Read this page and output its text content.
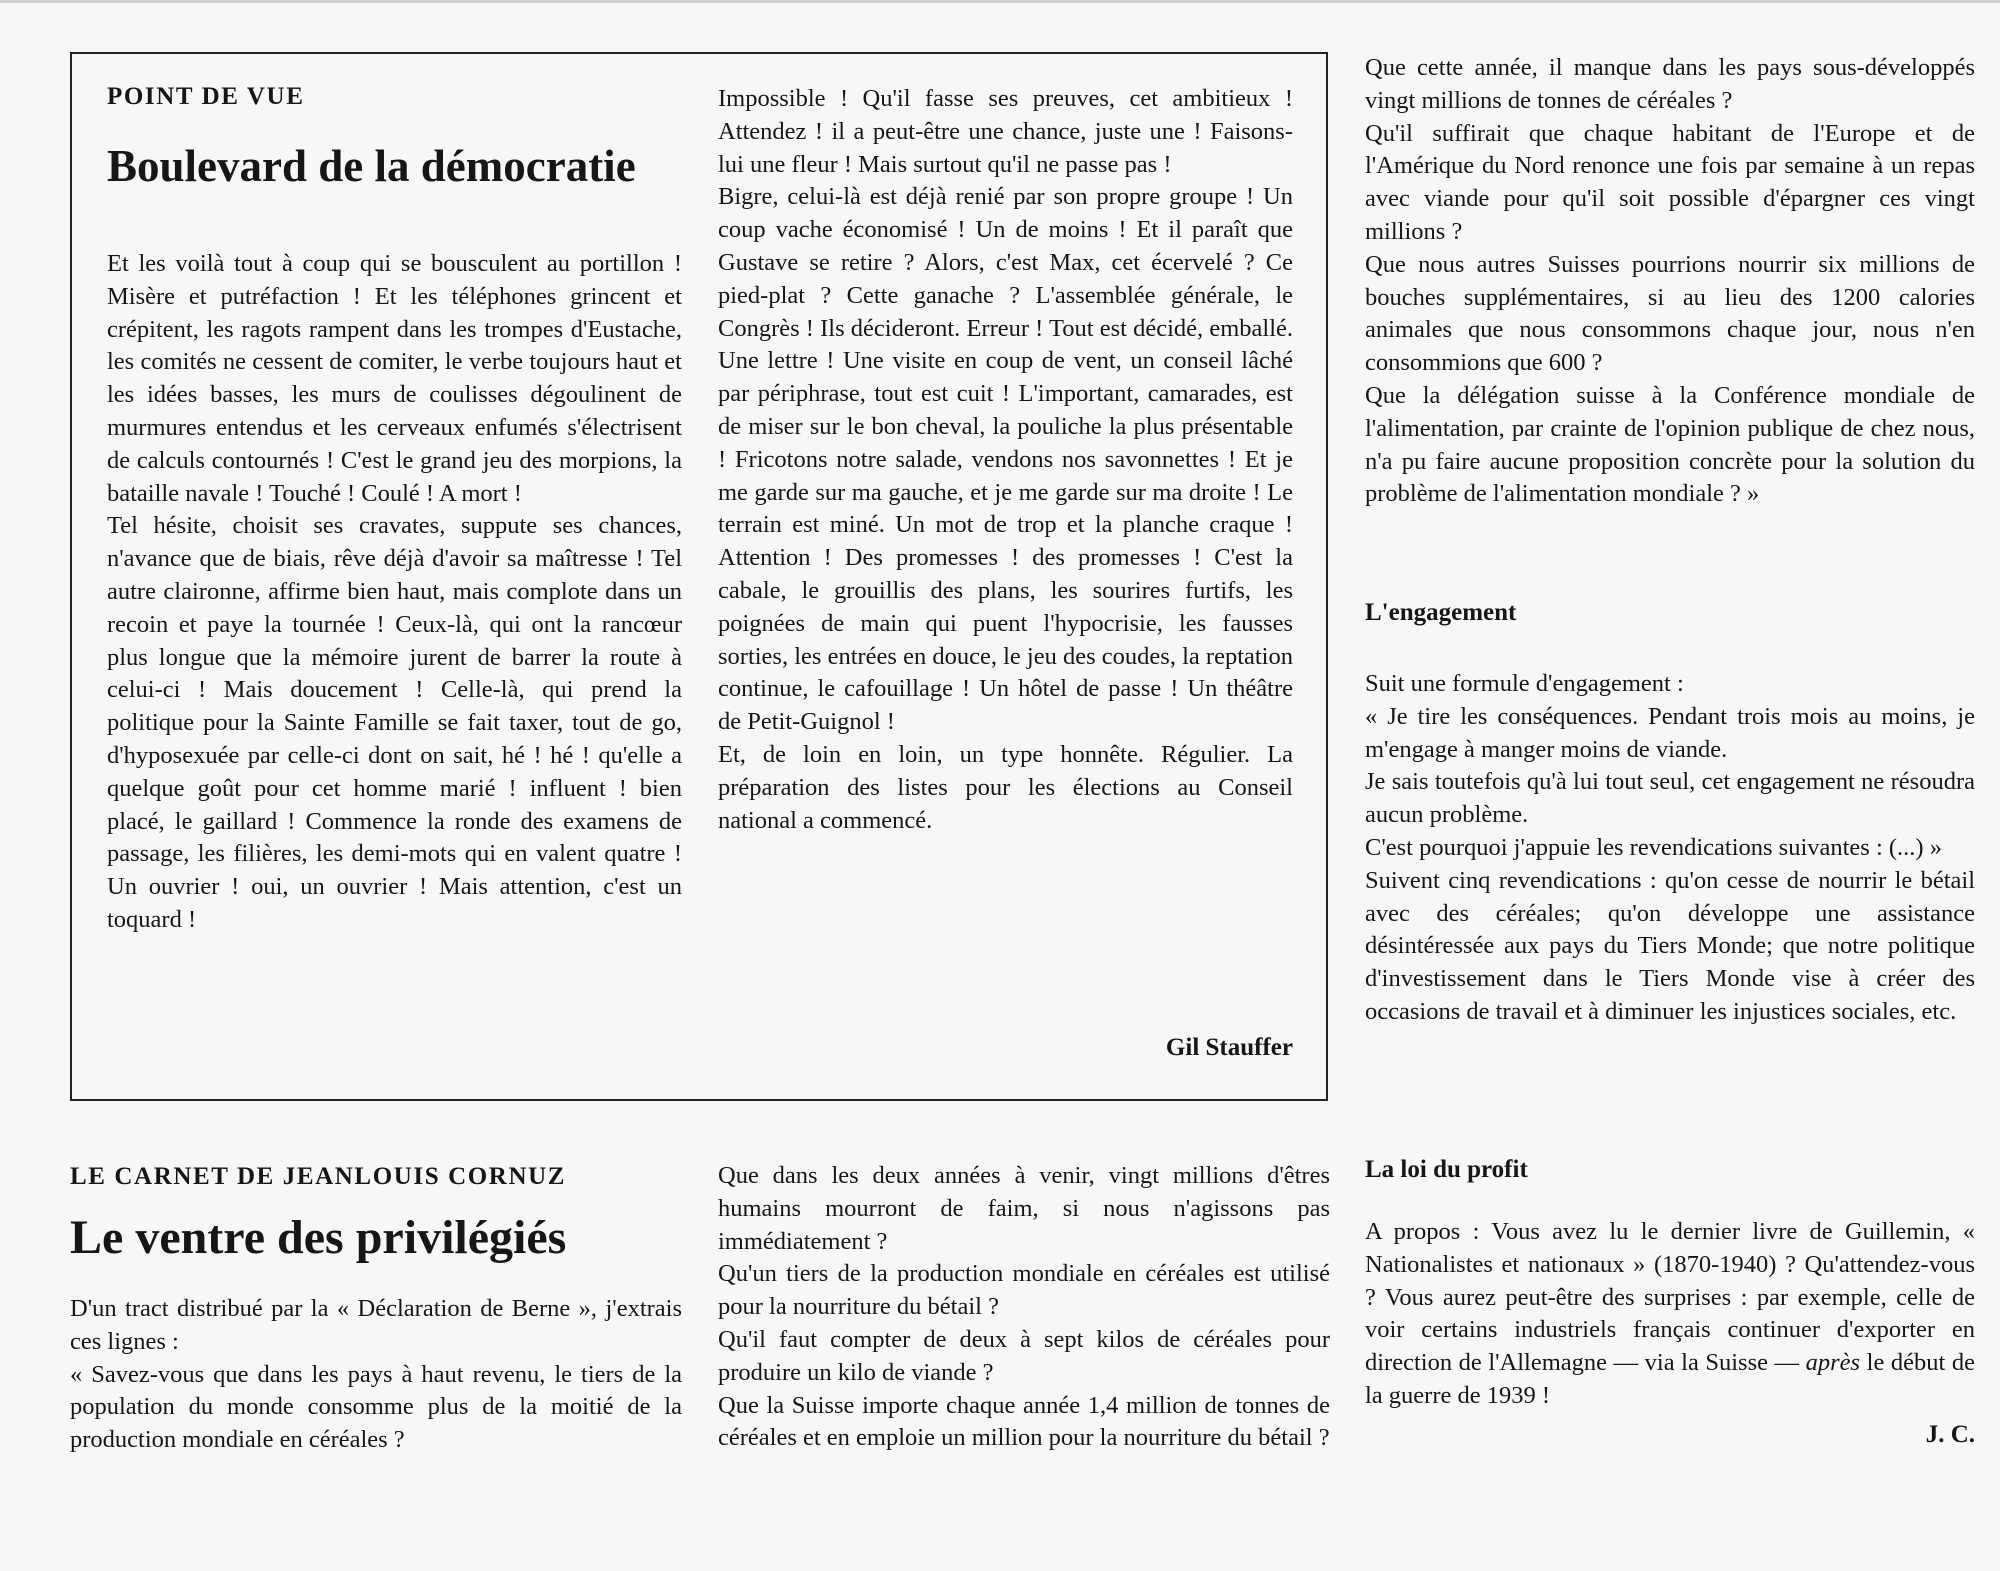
POINT DE VUE

Boulevard de la démocratie

Et les voilà tout à coup qui se bousculent au portillon ! Misère et putréfaction ! Et les téléphones grincent et crépitent, les ragots rampent dans les trompes d'Eustache, les comités ne cessent de comiter, le verbe toujours haut et les idées basses, les murs de coulisses dégoulinent de murmures entendus et les cerveaux enfumés s'électrisent de calculs contournés ! C'est le grand jeu des morpions, la bataille navale ! Touché ! Coulé ! A mort !

Tel hésite, choisit ses cravates, suppute ses chances, n'avance que de biais, rêve déjà d'avoir sa maîtresse ! Tel autre claironne, affirme bien haut, mais complote dans un recoin et paye la tournée ! Ceux-là, qui ont la rancœur plus longue que la mémoire jurent de barrer la route à celui-ci ! Mais doucement ! Celle-là, qui prend la politique pour la Sainte Famille se fait taxer, tout de go, d'hyposexuée par celle-ci dont on sait, hé ! hé ! qu'elle a quelque goût pour cet homme marié ! influent ! bien placé, le gaillard ! Commence la ronde des examens de passage, les filières, les demi-mots qui en valent quatre ! Un ouvrier ! oui, un ouvrier ! Mais attention, c'est un toquard !

Impossible ! Qu'il fasse ses preuves, cet ambitieux ! Attendez ! il a peut-être une chance, juste une ! Faisons-lui une fleur ! Mais surtout qu'il ne passe pas !

Bigre, celui-là est déjà renié par son propre groupe ! Un coup vache économisé ! Un de moins ! Et il paraît que Gustave se retire ? Alors, c'est Max, cet écervelé ? Ce pied-plat ? Cette ganache ? L'assemblée générale, le Congrès ! Ils décideront. Erreur ! Tout est décidé, emballé. Une lettre ! Une visite en coup de vent, un conseil lâché par périphrase, tout est cuit ! L'important, camarades, est de miser sur le bon cheval, la pouliche la plus présentable ! Fricotons notre salade, vendons nos savonnettes ! Et je me garde sur ma gauche, et je me garde sur ma droite ! Le terrain est miné. Un mot de trop et la planche craque ! Attention ! Des promesses ! des promesses ! C'est la cabale, le grouillis des plans, les sourires furtifs, les poignées de main qui puent l'hypocrisie, les fausses sorties, les entrées en douce, le jeu des coudes, la reptation continue, le cafouillage ! Un hôtel de passe ! Un théâtre de Petit-Guignol !

Et, de loin en loin, un type honnête. Régulier. La préparation des listes pour les élections au Conseil national a commencé.

Gil Stauffer

Que cette année, il manque dans les pays sous-développés vingt millions de tonnes de céréales ?

Qu'il suffirait que chaque habitant de l'Europe et de l'Amérique du Nord renonce une fois par semaine à un repas avec viande pour qu'il soit possible d'épargner ces vingt millions ?

Que nous autres Suisses pourrions nourrir six millions de bouches supplémentaires, si au lieu des 1200 calories animales que nous consommons chaque jour, nous n'en consommions que 600 ?

Que la délégation suisse à la Conférence mondiale de l'alimentation, par crainte de l'opinion publique de chez nous, n'a pu faire aucune proposition concrète pour la solution du problème de l'alimentation mondiale ? »

L'engagement

Suit une formule d'engagement :

« Je tire les conséquences. Pendant trois mois au moins, je m'engage à manger moins de viande.

Je sais toutefois qu'à lui tout seul, cet engagement ne résoudra aucun problème.

C'est pourquoi j'appuie les revendications suivantes : (...) »

Suivent cinq revendications : qu'on cesse de nourrir le bétail avec des céréales; qu'on développe une assistance désintéressée aux pays du Tiers Monde; que notre politique d'investissement dans le Tiers Monde vise à créer des occasions de travail et à diminuer les injustices sociales, etc.

La loi du profit

A propos : Vous avez lu le dernier livre de Guillemin, « Nationalistes et nationaux » (1870-1940) ? Qu'attendez-vous ? Vous aurez peut-être des surprises : par exemple, celle de voir certains industriels français continuer d'exporter en direction de l'Allemagne — via la Suisse — après le début de la guerre de 1939 !

J. C.

LE CARNET DE JEANLOUIS CORNUZ

Le ventre des privilégiés

D'un tract distribué par la « Déclaration de Berne », j'extrais ces lignes :

« Savez-vous que dans les pays à haut revenu, le tiers de la population du monde consomme plus de la moitié de la production mondiale en céréales ?

Que dans les deux années à venir, vingt millions d'êtres humains mourront de faim, si nous n'agissons pas immédiatement ?

Qu'un tiers de la production mondiale en céréales est utilisé pour la nourriture du bétail ?

Qu'il faut compter de deux à sept kilos de céréales pour produire un kilo de viande ?

Que la Suisse importe chaque année 1,4 million de tonnes de céréales et en emploie un million pour la nourriture du bétail ?
